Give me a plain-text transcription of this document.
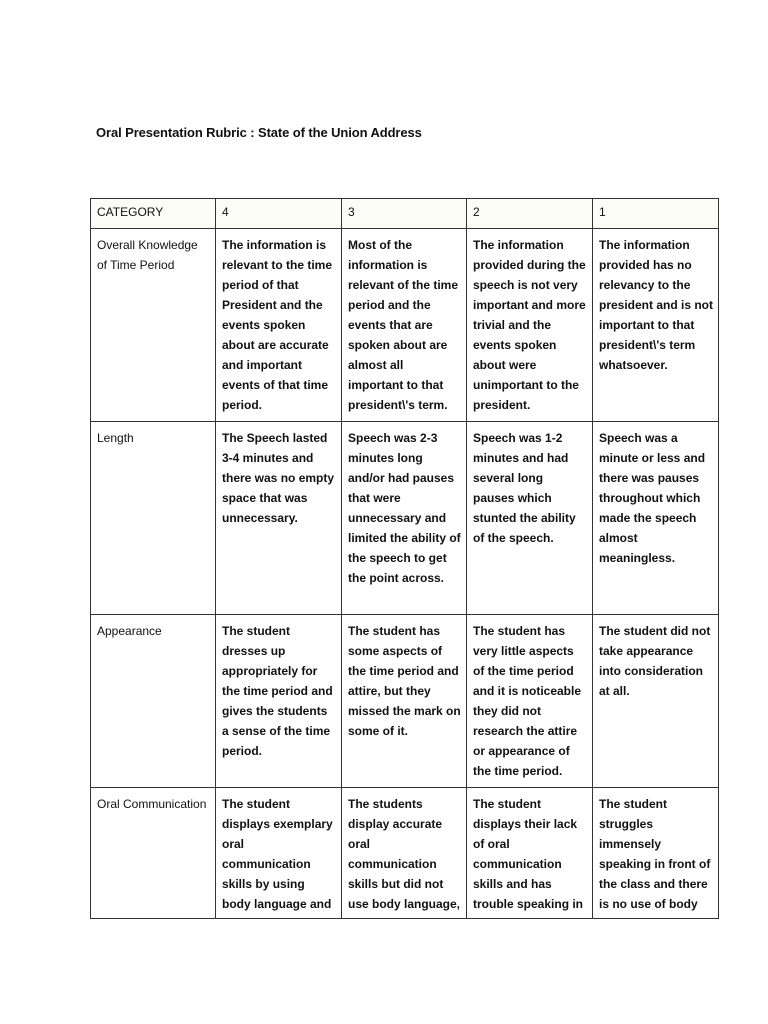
Oral Presentation Rubric : State of the Union Address
CATEGORY	4	3	2	1
Overall Knowledge of Time Period	The information is relevant to the time period of that President and the events spoken about are accurate and important events of that time period.	Most of the information is relevant of the time period and the events that are spoken about are almost all important to that president\'s term.	The information provided during the speech is not very important and more trivial and the events spoken about were unimportant to the president.	The information provided has no relevancy to the president and is not important to that president\'s term whatsoever.
Length	The Speech lasted 3-4 minutes and there was no empty space that was unnecessary.	Speech was 2-3 minutes long and/or had pauses that were unnecessary and limited the ability of the speech to get the point across.	Speech was 1-2 minutes and had several long pauses which stunted the ability of the speech.	Speech was a minute or less and there was pauses throughout which made the speech almost meaningless.
Appearance	The student dresses up appropriately for the time period and gives the students a sense of the time period.	The student has some aspects of the time period and attire, but they missed the mark on some of it.	The student has very little aspects of the time period and it is noticeable they did not research the attire or appearance of the time period.	The student did not take appearance into consideration at all.
Oral Communication	The student displays exemplary oral communication skills by using body language and	The students display accurate oral communication skills but did not use body language,	The student displays their lack of oral communication skills and has trouble speaking in	The student struggles immensely speaking in front of the class and there is no use of body
